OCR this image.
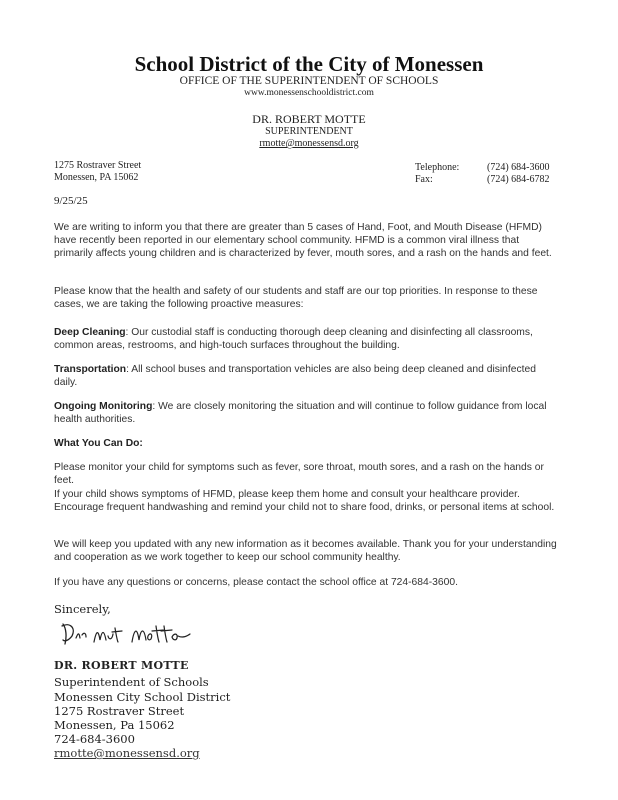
School District of the City of Monessen
OFFICE OF THE SUPERINTENDENT OF SCHOOLS
www.monessenschooldistrict.com
DR. ROBERT MOTTE
SUPERINTENDENT
rmotte@monessensd.org
1275 Rostraver Street
Monessen, PA 15062
Telephone:	(724) 684-3600
Fax:	(724) 684-6782
9/25/25

We are writing to inform you that there are greater than 5 cases of Hand, Foot, and Mouth Disease (HFMD) have recently been reported in our elementary school community. HFMD is a common viral illness that primarily affects young children and is characterized by fever, mouth sores, and a rash on the hands and feet.

Please know that the health and safety of our students and staff are our top priorities. In response to these cases, we are taking the following proactive measures:

Deep Cleaning: Our custodial staff is conducting thorough deep cleaning and disinfecting all classrooms, common areas, restrooms, and high-touch surfaces throughout the building.

Transportation: All school buses and transportation vehicles are also being deep cleaned and disinfected daily.

Ongoing Monitoring: We are closely monitoring the situation and will continue to follow guidance from local health authorities.

What You Can Do:

Please monitor your child for symptoms such as fever, sore throat, mouth sores, and a rash on the hands or feet.

If your child shows symptoms of HFMD, please keep them home and consult your healthcare provider.

Encourage frequent handwashing and remind your child not to share food, drinks, or personal items at school.

We will keep you updated with any new information as it becomes available. Thank you for your understanding and cooperation as we work together to keep our school community healthy.

If you have any questions or concerns, please contact the school office at 724-684-3600.

Sincerely,
DR. ROBERT MOTTE
Superintendent of Schools
Monessen City School District
1275 Rostraver Street
Monessen, Pa 15062
724-684-3600
rmotte@monessensd.org
